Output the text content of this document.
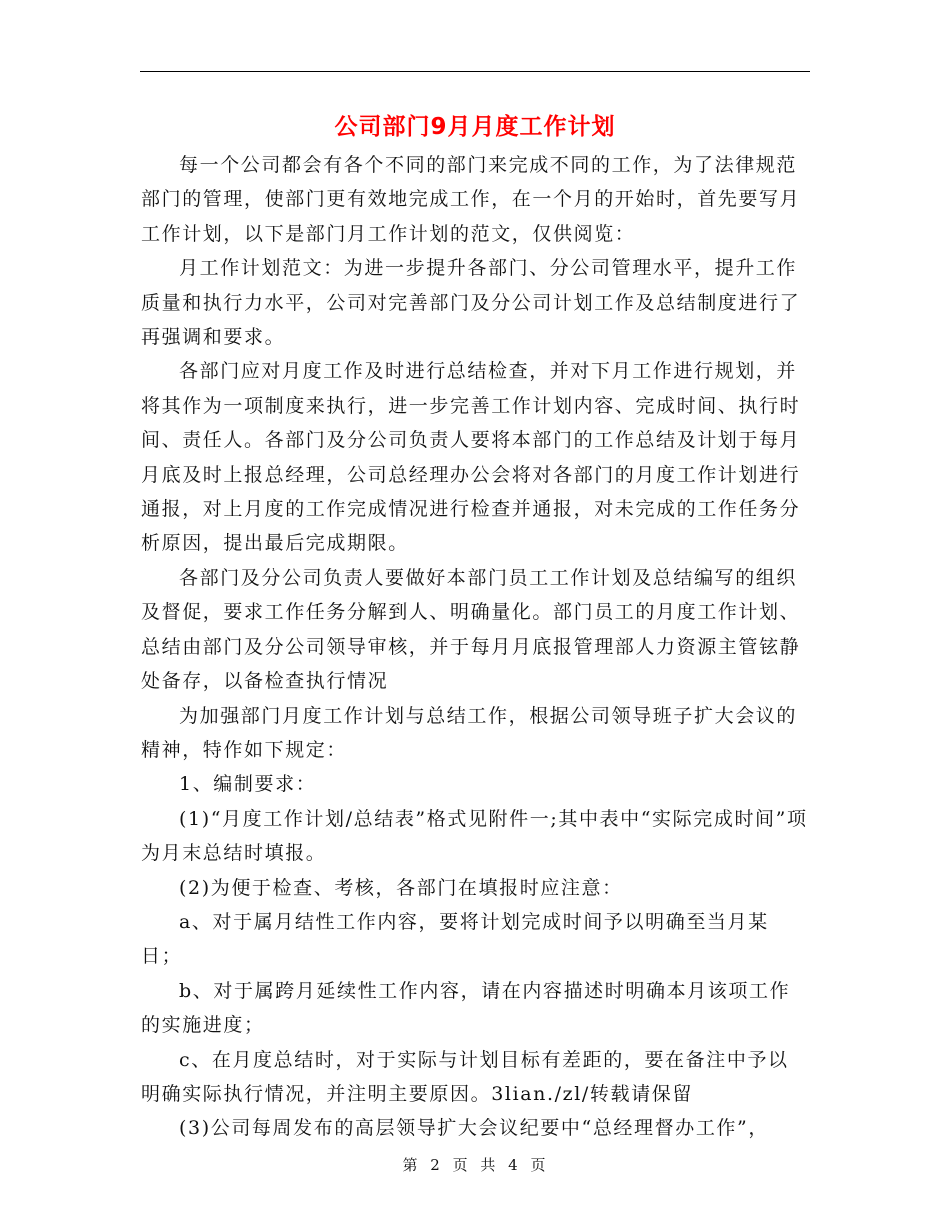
公司部门9月月度工作计划

每一个公司都会有各个不同的部门来完成不同的工作，为了法律规范部门的管理，使部门更有效地完成工作，在一个月的开始时，首先要写月工作计划，以下是部门月工作计划的范文，仅供阅览：

月工作计划范文：为进一步提升各部门、分公司管理水平，提升工作质量和执行力水平，公司对完善部门及分公司计划工作及总结制度进行了再强调和要求。

各部门应对月度工作及时进行总结检查，并对下月工作进行规划，并将其作为一项制度来执行，进一步完善工作计划内容、完成时间、执行时间、责任人。各部门及分公司负责人要将本部门的工作总结及计划于每月月底及时上报总经理，公司总经理办公会将对各部门的月度工作计划进行通报，对上月度的工作完成情况进行检查并通报，对未完成的工作任务分析原因，提出最后完成期限。

各部门及分公司负责人要做好本部门员工工作计划及总结编写的组织及督促，要求工作任务分解到人、明确量化。部门员工的月度工作计划、总结由部门及分公司领导审核，并于每月月底报管理部人力资源主管铉静处备存，以备检查执行情况

为加强部门月度工作计划与总结工作，根据公司领导班子扩大会议的精神，特作如下规定：

1、编制要求：

(1)“月度工作计划/总结表”格式见附件一;其中表中“实际完成时间”项为月末总结时填报。

(2)为便于检查、考核，各部门在填报时应注意：

a、对于属月结性工作内容，要将计划完成时间予以明确至当月某日；

b、对于属跨月延续性工作内容，请在内容描述时明确本月该项工作的实施进度；

c、在月度总结时，对于实际与计划目标有差距的，要在备注中予以明确实际执行情况，并注明主要原因。3lian./zl/转载请保留

(3)公司每周发布的高层领导扩大会议纪要中“总经理督办工作”，

第 2 页 共 4 页
